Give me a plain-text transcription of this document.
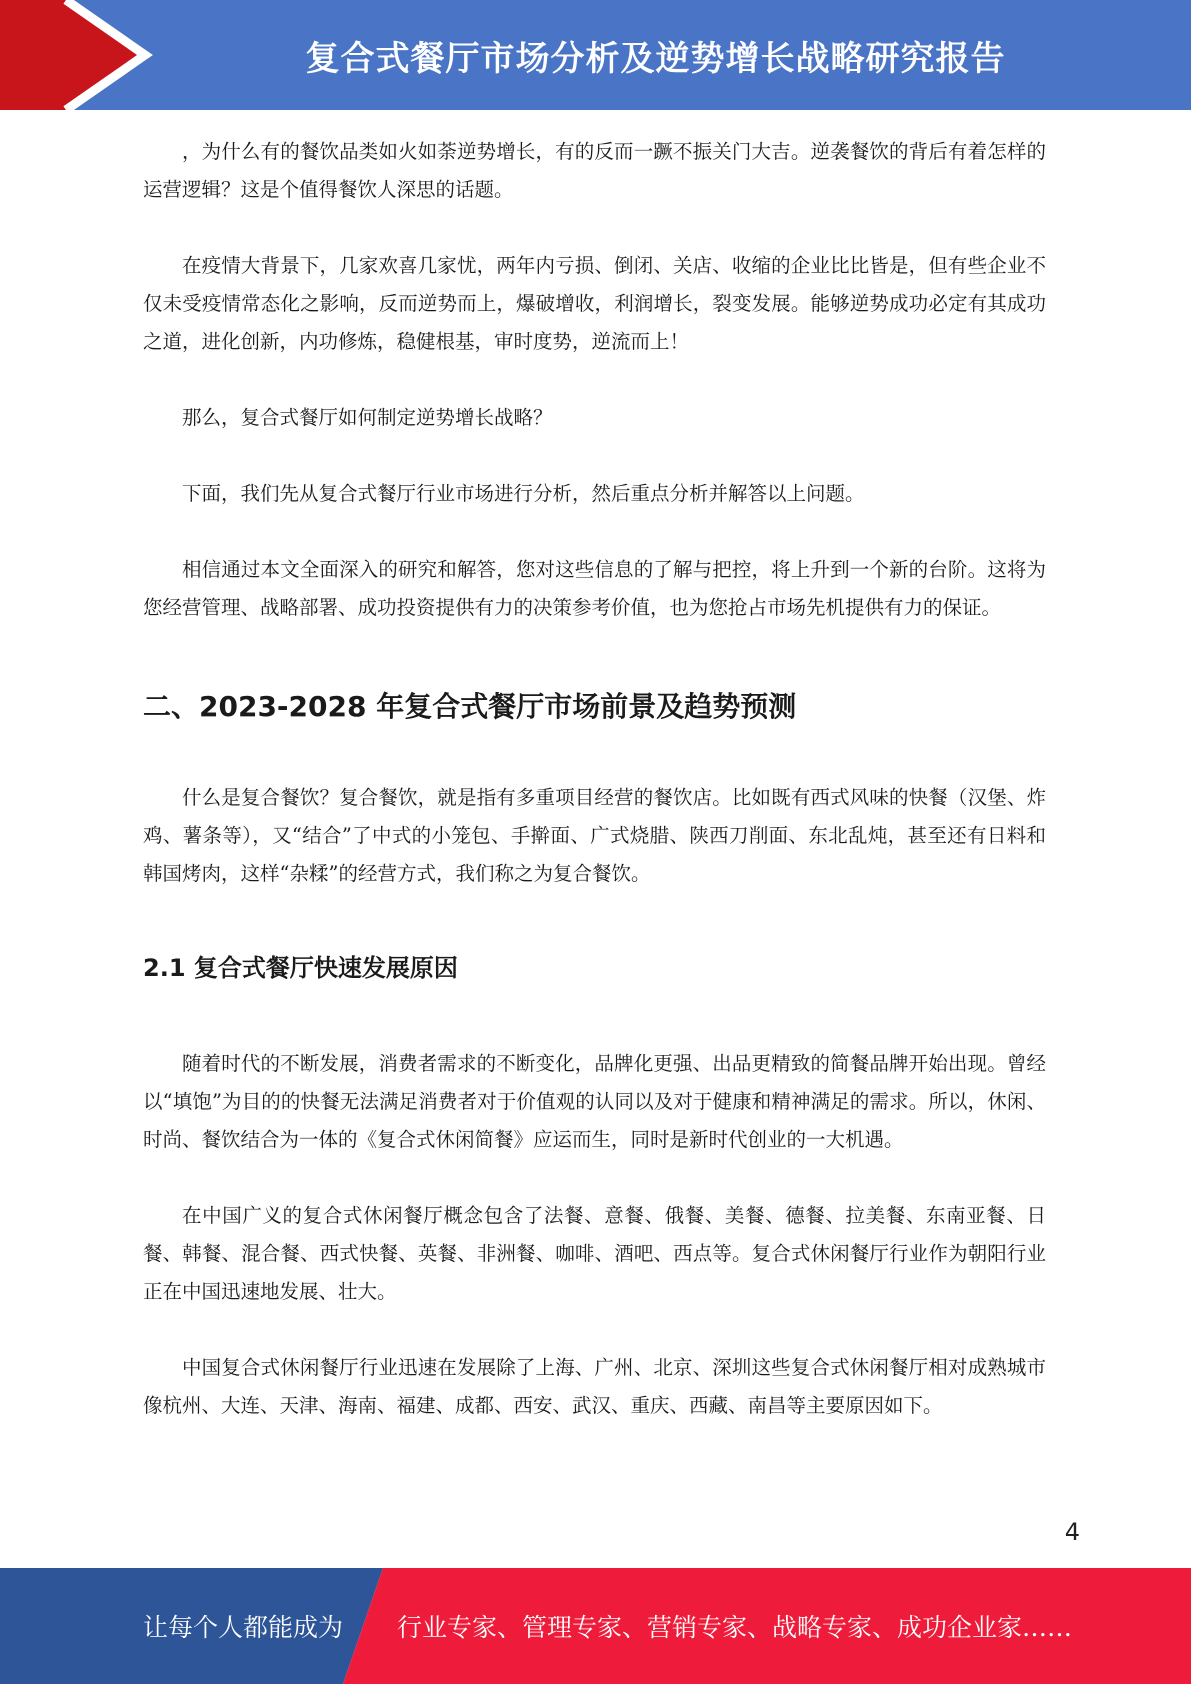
复合式餐厅市场分析及逆势增长战略研究报告

，为什么有的餐饮品类如火如荼逆势增长，有的反而一蹶不振关门大吉。逆袭餐饮的背后有着怎样的运营逻辑？这是个值得餐饮人深思的话题。

在疫情大背景下，几家欢喜几家忧，两年内亏损、倒闭、关店、收缩的企业比比皆是，但有些企业不仅未受疫情常态化之影响，反而逆势而上，爆破增收，利润增长，裂变发展。能够逆势成功必定有其成功之道，进化创新，内功修炼，稳健根基，审时度势，逆流而上！

那么，复合式餐厅如何制定逆势增长战略？

下面，我们先从复合式餐厅行业市场进行分析，然后重点分析并解答以上问题。

相信通过本文全面深入的研究和解答，您对这些信息的了解与把控，将上升到一个新的台阶。这将为您经营管理、战略部署、成功投资提供有力的决策参考价值，也为您抢占市场先机提供有力的保证。

二、2023-2028 年复合式餐厅市场前景及趋势预测

什么是复合餐饮？复合餐饮，就是指有多重项目经营的餐饮店。比如既有西式风味的快餐（汉堡、炸鸡、薯条等），又“结合”了中式的小笼包、手擀面、广式烧腊、陕西刀削面、东北乱炖，甚至还有日料和韩国烤肉，这样“杂糅”的经营方式，我们称之为复合餐饮。

2.1 复合式餐厅快速发展原因

随着时代的不断发展，消费者需求的不断变化，品牌化更强、出品更精致的简餐品牌开始出现。曾经以“填饱”为目的的快餐无法满足消费者对于价值观的认同以及对于健康和精神满足的需求。所以，休闲、时尚、餐饮结合为一体的《复合式休闲简餐》应运而生，同时是新时代创业的一大机遇。

在中国广义的复合式休闲餐厅概念包含了法餐、意餐、俄餐、美餐、德餐、拉美餐、东南亚餐、日餐、韩餐、混合餐、西式快餐、英餐、非洲餐、咖啡、酒吧、西点等。复合式休闲餐厅行业作为朝阳行业正在中国迅速地发展、壮大。

中国复合式休闲餐厅行业迅速在发展除了上海、广州、北京、深圳这些复合式休闲餐厅相对成熟城市像杭州、大连、天津、海南、福建、成都、西安、武汉、重庆、西藏、南昌等主要原因如下。

4
让每个人都能成为 行业专家、管理专家、营销专家、战略专家、成功企业家……
